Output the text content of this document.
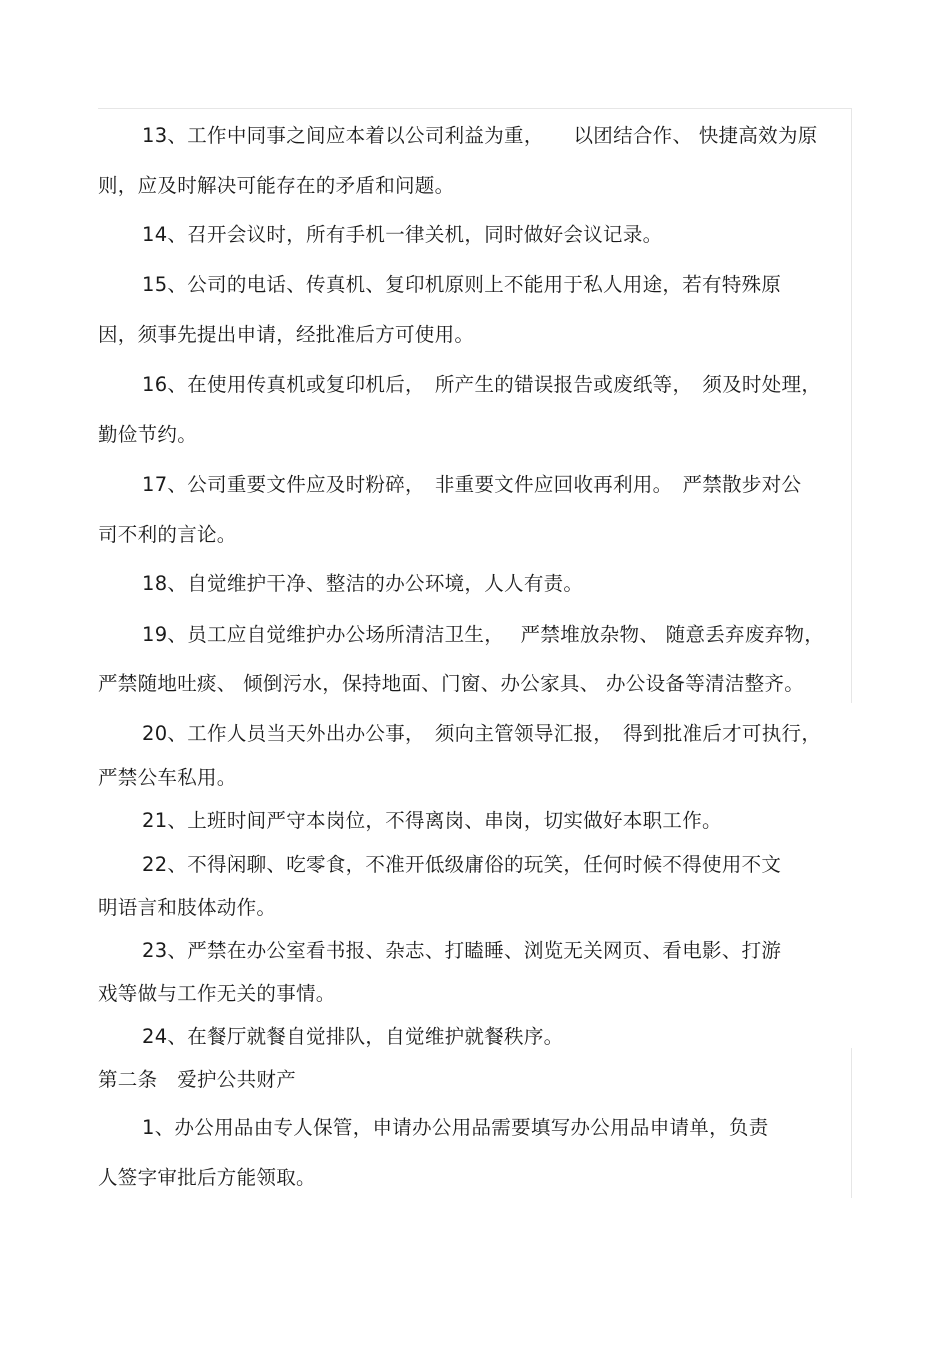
13、工作中同事之间应本着以公司利益为重，　　以团结合作、 快捷高效为原
则，应及时解决可能存在的矛盾和问题。
14、召开会议时，所有手机一律关机，同时做好会议记录。
15、公司的电话、传真机、复印机原则上不能用于私人用途，若有特殊原
因，须事先提出申请，经批准后方可使用。
16、在使用传真机或复印机后，　所产生的错误报告或废纸等，　须及时处理，
勤俭节约。
17、公司重要文件应及时粉碎，　非重要文件应回收再利用。　严禁散步对公
司不利的言论。
18、自觉维护干净、整洁的办公环境，人人有责。
19、员工应自觉维护办公场所清洁卫生，　 严禁堆放杂物、 随意丢弃废弃物，
严禁随地吐痰、 倾倒污水，保持地面、门窗、办公家具、 办公设备等清洁整齐。
20、工作人员当天外出办公事，　须向主管领导汇报，　得到批准后才可执行，
严禁公车私用。
21、上班时间严守本岗位，不得离岗、串岗，切实做好本职工作。
22、不得闲聊、吃零食，不准开低级庸俗的玩笑，任何时候不得使用不文
明语言和肢体动作。
23、严禁在办公室看书报、杂志、打瞌睡、浏览无关网页、看电影、打游
戏等做与工作无关的事情。
24、在餐厅就餐自觉排队，自觉维护就餐秩序。
第二条　爱护公共财产
1、办公用品由专人保管，申请办公用品需要填写办公用品申请单，负责
人签字审批后方能领取。
